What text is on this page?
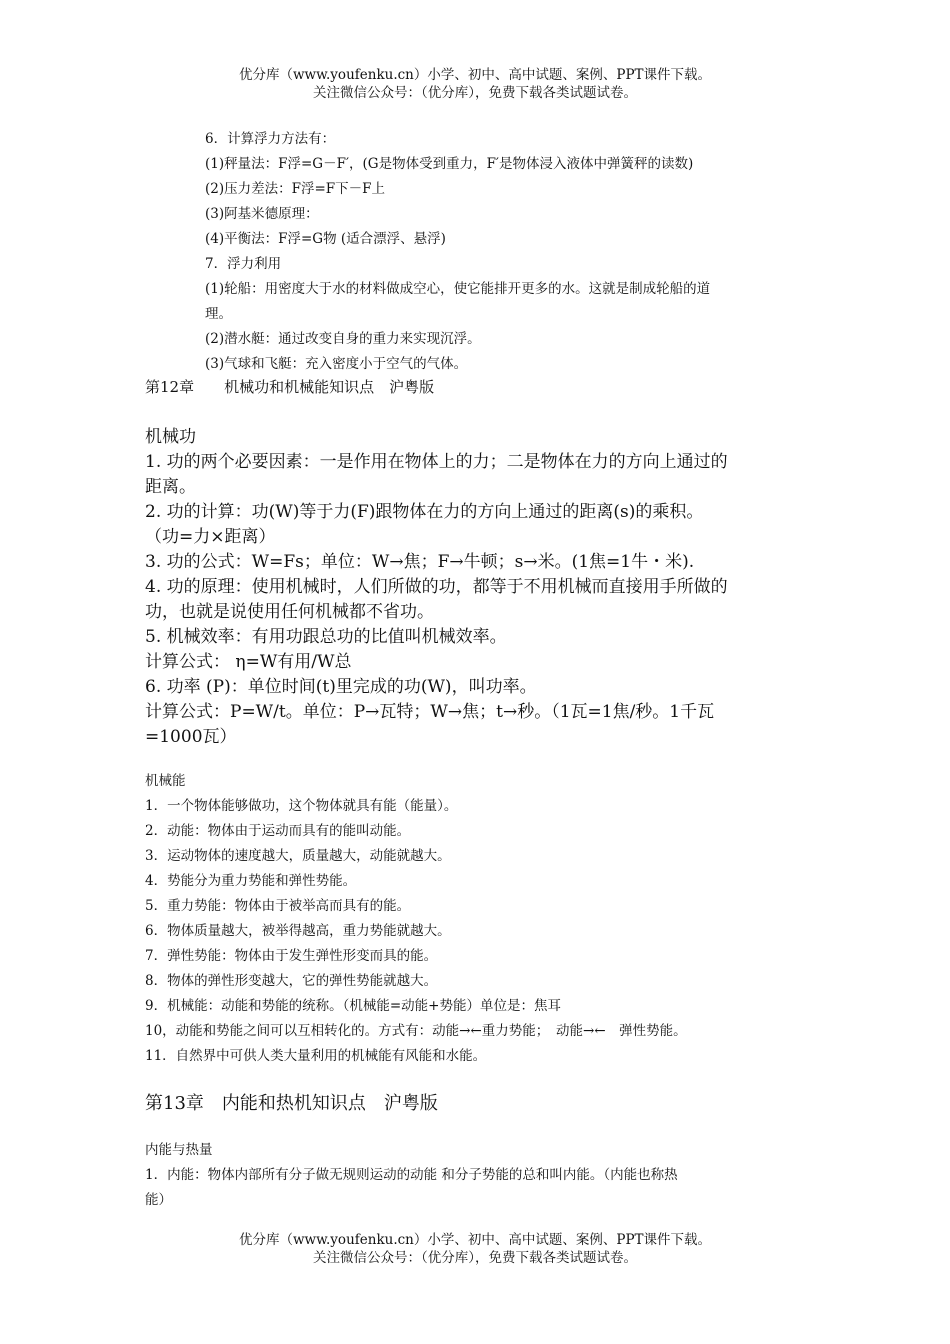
优分库（www.youfenku.cn）小学、初中、高中试题、案例、PPT课件下载。
关注微信公众号：（优分库），免费下载各类试题试卷。
6．计算浮力方法有：
(1)秤量法：F浮=G－F′，(G是物体受到重力，F′是物体浸入液体中弹簧秤的读数)
(2)压力差法：F浮=F下－F上
(3)阿基米德原理：
(4)平衡法：F浮=G物 (适合漂浮、悬浮)
7．浮力利用
(1)轮船：用密度大于水的材料做成空心，使它能排开更多的水。这就是制成轮船的道
理。
(2)潜水艇：通过改变自身的重力来实现沉浮。
(3)气球和飞艇：充入密度小于空气的气体。
第12章　　机械功和机械能知识点　沪粤版
机械功
1. 功的两个必要因素：一是作用在物体上的力；二是物体在力的方向上通过的
距离。
2. 功的计算：功(W)等于力(F)跟物体在力的方向上通过的距离(s)的乘积。
（功=力×距离）
3. 功的公式：W=Fs；单位：W→焦；F→牛顿；s→米。(1焦=1牛・米).
4. 功的原理：使用机械时，人们所做的功，都等于不用机械而直接用手所做的
功，也就是说使用任何机械都不省功。
5. 机械效率：有用功跟总功的比值叫机械效率。
计算公式： η=W有用/W总
6. 功率 (P)：单位时间(t)里完成的功(W)，叫功率。
计算公式：P=W/t。单位：P→瓦特；W→焦；t→秒。（1瓦=1焦/秒。1千瓦
=1000瓦）
机械能
1．一个物体能够做功，这个物体就具有能（能量）。
2．动能：物体由于运动而具有的能叫动能。
3．运动物体的速度越大，质量越大，动能就越大。
4．势能分为重力势能和弹性势能。
5．重力势能：物体由于被举高而具有的能。
6．物体质量越大，被举得越高，重力势能就越大。
7．弹性势能：物体由于发生弹性形变而具的能。
8．物体的弹性形变越大，它的弹性势能就越大。
9．机械能：动能和势能的统称。（机械能=动能+势能）单位是：焦耳
10，动能和势能之间可以互相转化的。方式有：动能→←重力势能；　动能→←　弹性势能。
11．自然界中可供人类大量利用的机械能有风能和水能。
第13章　内能和热机知识点　沪粤版
内能与热量
1．内能：物体内部所有分子做无规则运动的动能 和分子势能的总和叫内能。（内能也称热
能）
优分库（www.youfenku.cn）小学、初中、高中试题、案例、PPT课件下载。
关注微信公众号：（优分库），免费下载各类试题试卷。
